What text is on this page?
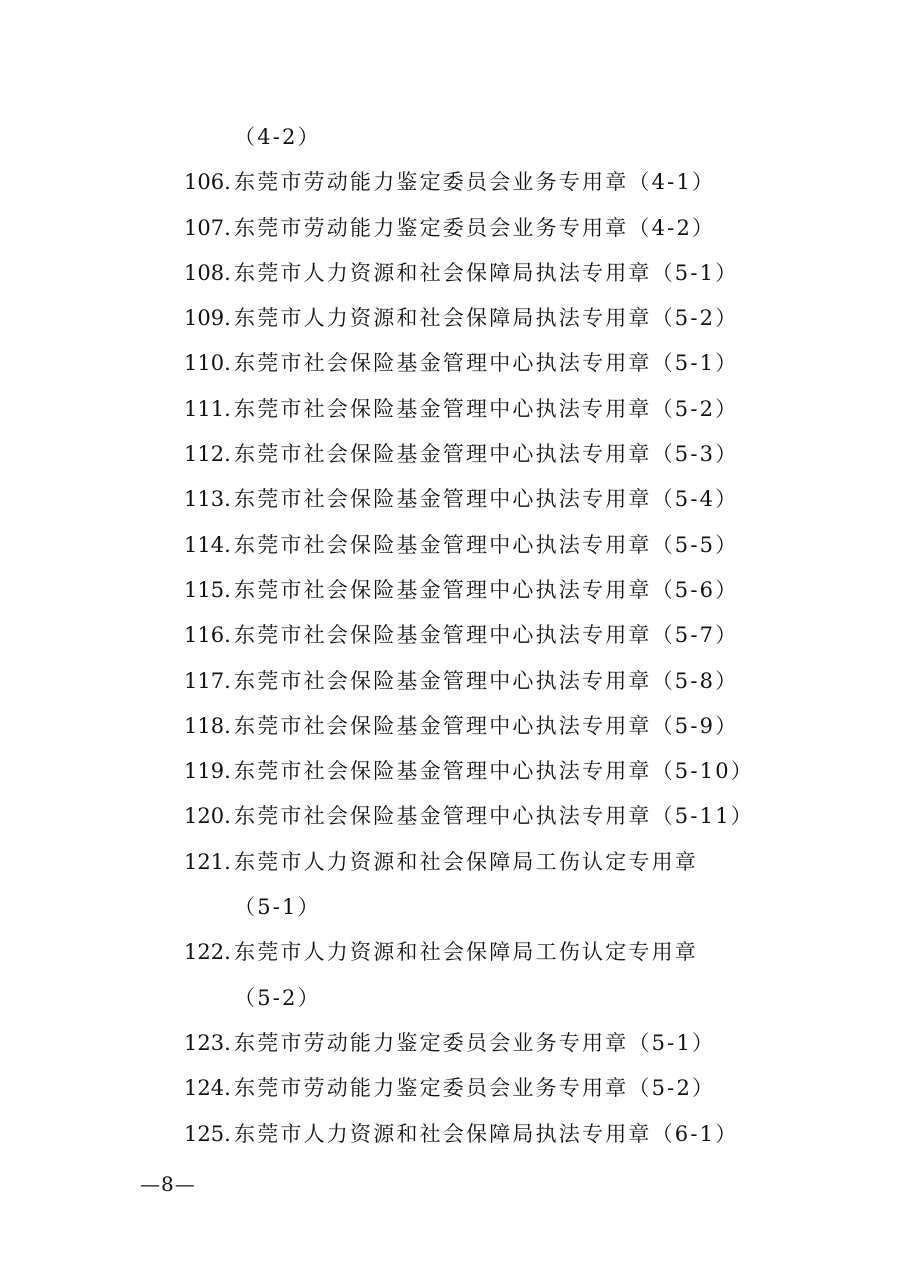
（4-2）
106. 东莞市劳动能力鉴定委员会业务专用章（4-1）
107. 东莞市劳动能力鉴定委员会业务专用章（4-2）
108. 东莞市人力资源和社会保障局执法专用章（5-1）
109. 东莞市人力资源和社会保障局执法专用章（5-2）
110. 东莞市社会保险基金管理中心执法专用章（5-1）
111. 东莞市社会保险基金管理中心执法专用章（5-2）
112. 东莞市社会保险基金管理中心执法专用章（5-3）
113. 东莞市社会保险基金管理中心执法专用章（5-4）
114. 东莞市社会保险基金管理中心执法专用章（5-5）
115. 东莞市社会保险基金管理中心执法专用章（5-6）
116. 东莞市社会保险基金管理中心执法专用章（5-7）
117. 东莞市社会保险基金管理中心执法专用章（5-8）
118. 东莞市社会保险基金管理中心执法专用章（5-9）
119. 东莞市社会保险基金管理中心执法专用章（5-10）
120. 东莞市社会保险基金管理中心执法专用章（5-11）
121. 东莞市人力资源和社会保障局工伤认定专用章
（5-1）
122. 东莞市人力资源和社会保障局工伤认定专用章
（5-2）
123. 东莞市劳动能力鉴定委员会业务专用章（5-1）
124. 东莞市劳动能力鉴定委员会业务专用章（5-2）
125. 东莞市人力资源和社会保障局执法专用章（6-1）
—8—
